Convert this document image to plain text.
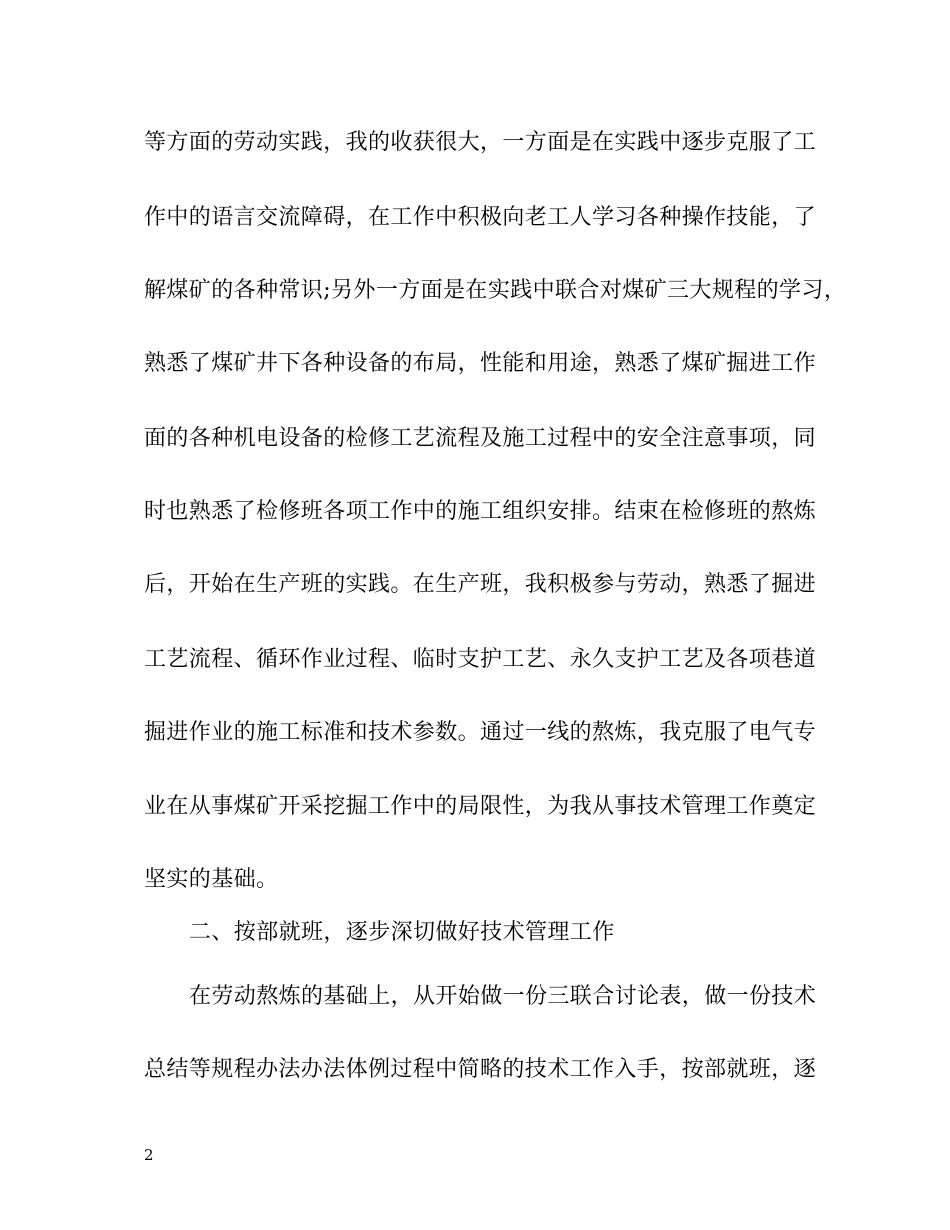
等方面的劳动实践，我的收获很大，一方面是在实践中逐步克服了工
作中的语言交流障碍，在工作中积极向老工人学习各种操作技能，了
解煤矿的各种常识;另外一方面是在实践中联合对煤矿三大规程的学习，
熟悉了煤矿井下各种设备的布局，性能和用途，熟悉了煤矿掘进工作
面的各种机电设备的检修工艺流程及施工过程中的安全注意事项，同
时也熟悉了检修班各项工作中的施工组织安排。结束在检修班的熬炼
后，开始在生产班的实践。在生产班，我积极参与劳动，熟悉了掘进
工艺流程、循环作业过程、临时支护工艺、永久支护工艺及各项巷道
掘进作业的施工标准和技术参数。通过一线的熬炼，我克服了电气专
业在从事煤矿开采挖掘工作中的局限性，为我从事技术管理工作奠定
坚实的基础。
二、按部就班，逐步深切做好技术管理工作
在劳动熬炼的基础上，从开始做一份三联合讨论表，做一份技术
总结等规程办法办法体例过程中简略的技术工作入手，按部就班，逐
2
